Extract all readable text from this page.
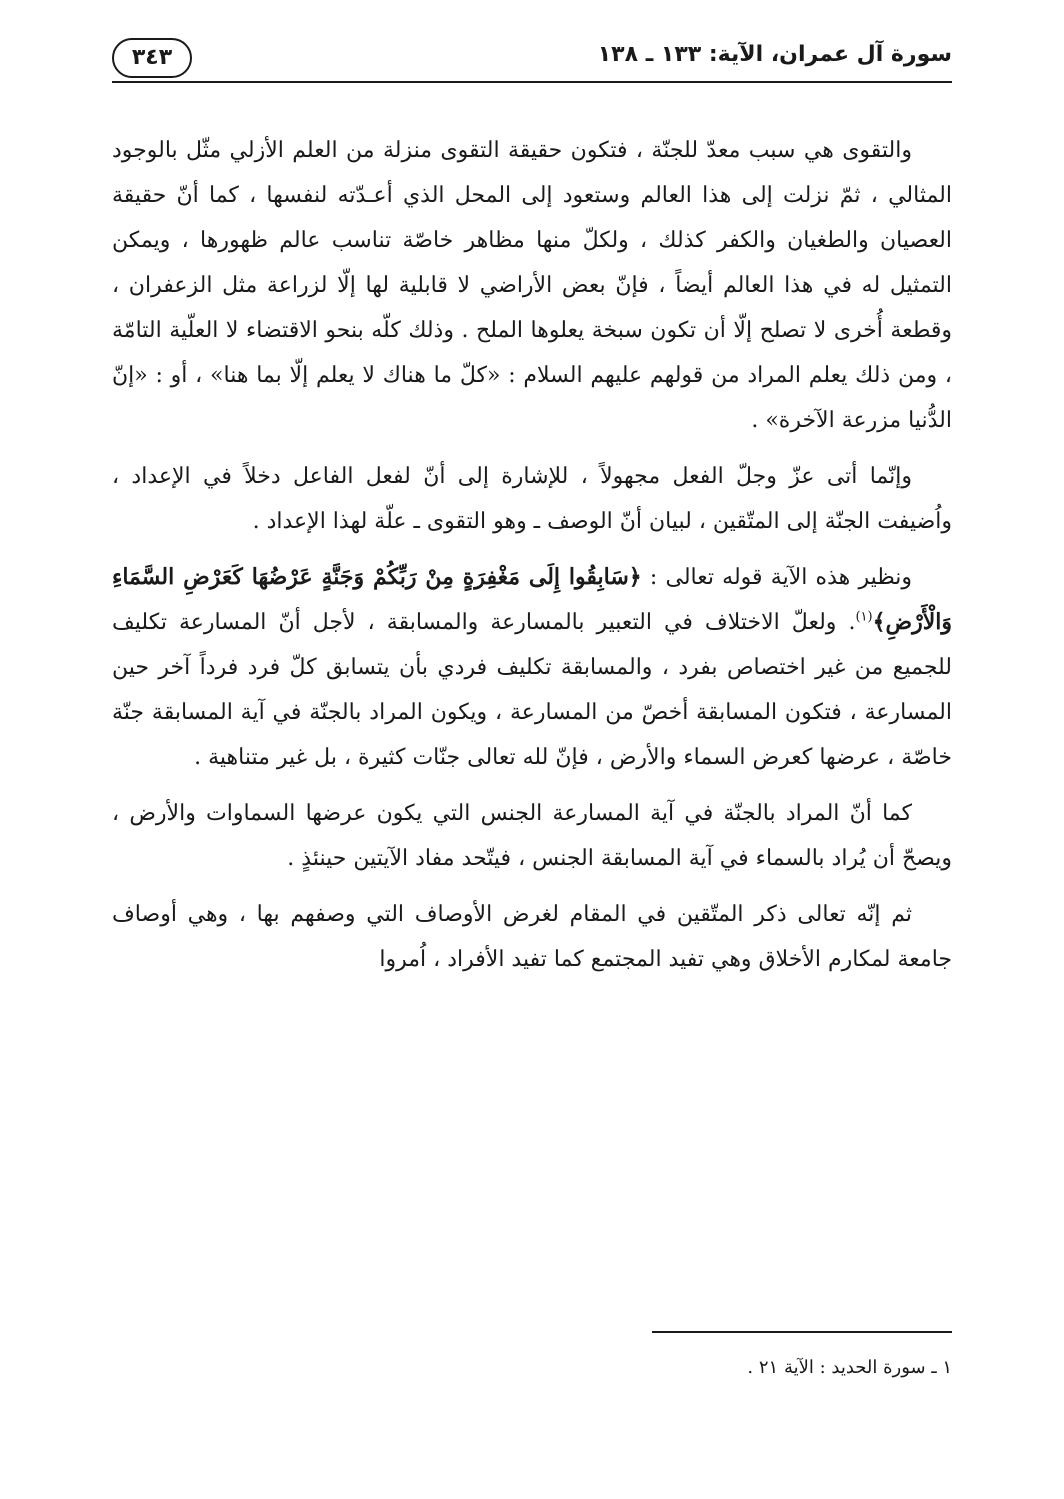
سورة آل عمران، الآية: ١٣٣ ـ ١٣٨
٣٤٣

والتقوى هي سبب معدّ للجنّة ، فتكون حقيقة التقوى منزلة من العلم الأزلي مثّل بالوجود المثالي ، ثمّ نزلت إلى هذا العالم وستعود إلى المحل الذي أعـدّته لنفسها ، كما أنّ حقيقة العصيان والطغيان والكفر كذلك ، ولكلّ منها مظاهر خاصّة تناسب عالم ظهورها ، ويمكن التمثيل له في هذا العالم أيضاً ، فإنّ بعض الأراضي لا قابلية لها إلّا لزراعة مثل الزعفران ، وقطعة أُخرى لا تصلح إلّا أن تكون سبخة يعلوها الملح . وذلك كلّه بنحو الاقتضاء لا العلّية التامّة ، ومن ذلك يعلم المراد من قولهم عليهم السلام : «كلّ ما هناك لا يعلم إلّا بما هنا» ، أو : «إنّ الدُّنيا مزرعة الآخرة» .

وإنّما أتى عزّ وجلّ الفعل مجهولاً ، للإشارة إلى أنّ لفعل الفاعل دخلاً في الإعداد ، واُضيفت الجنّة إلى المتّقين ، لبيان أنّ الوصف ـ وهو التقوى ـ علّة لهذا الإعداد .

ونظير هذه الآية قوله تعالى : ﴿سَابِقُوا إِلَى مَغْفِرَةٍ مِنْ رَبِّكُمْ وَجَنَّةٍ عَرْضُهَا كَعَرْضِ السَّمَاءِ وَالْأَرْضِ﴾$^{(١)}$. ولعلّ الاختلاف في التعبير بالمسارعة والمسابقة ، لأجل أنّ المسارعة تكليف للجميع من غير اختصاص بفرد ، والمسابقة تكليف فردي بأن يتسابق كلّ فرد فرداً آخر حين المسارعة ، فتكون المسابقة أخصّ من المسارعة ، ويكون المراد بالجنّة في آية المسابقة جنّة خاصّة ، عرضها كعرض السماء والأرض ، فإنّ لله تعالى جنّات كثيرة ، بل غير متناهية .

كما أنّ المراد بالجنّة في آية المسارعة الجنس التي يكون عرضها السماوات والأرض ، ويصحّ أن يُراد بالسماء في آية المسابقة الجنس ، فيتّحد مفاد الآيتين حينئذٍ .

ثم إنّه تعالى ذكر المتّقين في المقام لغرض الأوصاف التي وصفهم بها ، وهي أوصاف جامعة لمكارم الأخلاق وهي تفيد المجتمع كما تفيد الأفراد ، اُمروا

١ ـ سورة الحديد : الآية ٢١ .
